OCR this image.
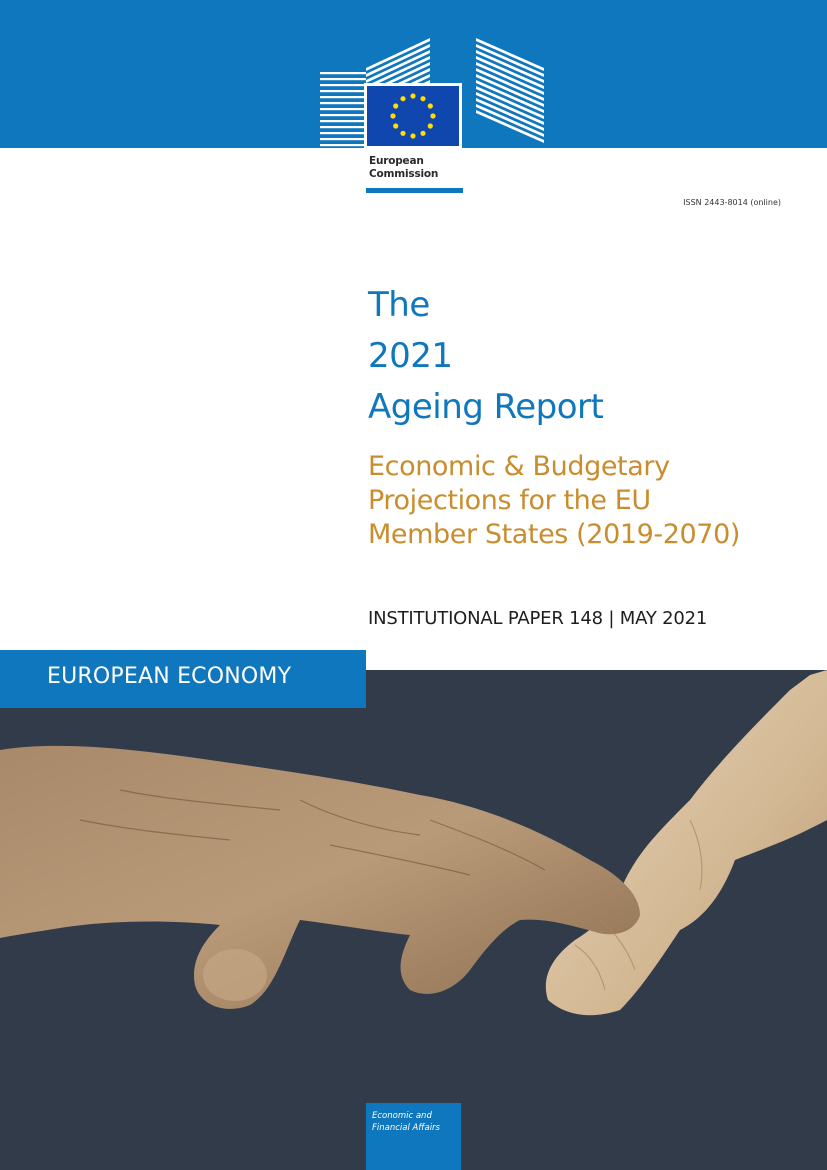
European
Commission
ISSN 2443-8014 (online)
The
2021
Ageing Report
Economic & Budgetary
Projections for the EU
Member States (2019-2070)
INSTITUTIONAL PAPER 148 | MAY 2021
EUROPEAN ECONOMY
Economic and
Financial Affairs
